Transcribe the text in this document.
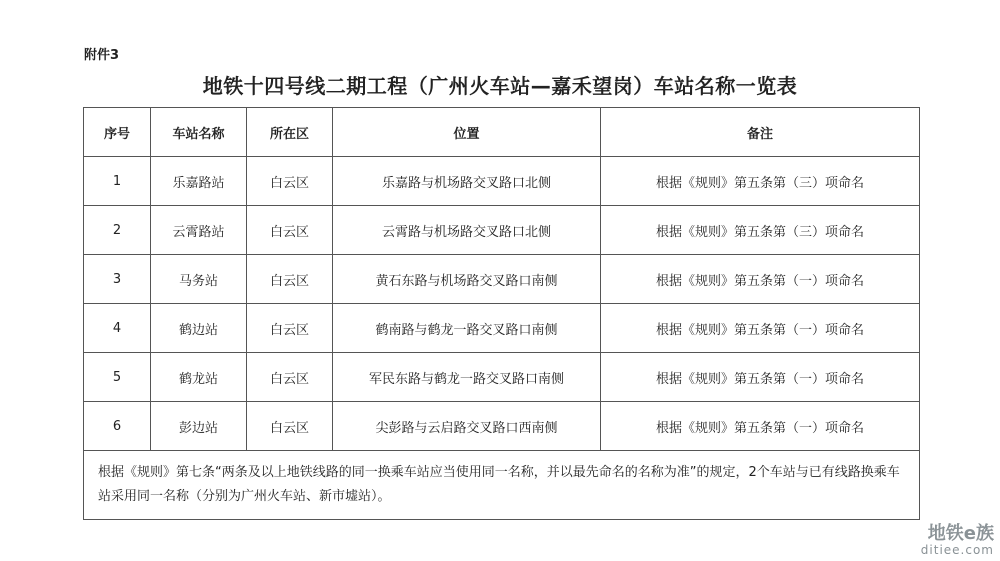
附件3
地铁十四号线二期工程（广州火车站—嘉禾望岗）车站名称一览表
序号	车站名称	所在区	位置	备注
1	乐嘉路站	白云区	乐嘉路与机场路交叉路口北侧	根据《规则》第五条第（三）项命名
2	云霄路站	白云区	云霄路与机场路交叉路口北侧	根据《规则》第五条第（三）项命名
3	马务站	白云区	黄石东路与机场路交叉路口南侧	根据《规则》第五条第（一）项命名
4	鹤边站	白云区	鹤南路与鹤龙一路交叉路口南侧	根据《规则》第五条第（一）项命名
5	鹤龙站	白云区	军民东路与鹤龙一路交叉路口南侧	根据《规则》第五条第（一）项命名
6	彭边站	白云区	尖彭路与云启路交叉路口西南侧	根据《规则》第五条第（一）项命名
根据《规则》第七条“两条及以上地铁线路的同一换乘车站应当使用同一名称，并以最先命名的名称为准”的规定，2个车站与已有线路换乘车站采用同一名称（分别为广州火车站、新市墟站）。				
地铁e族
ditiee.com
